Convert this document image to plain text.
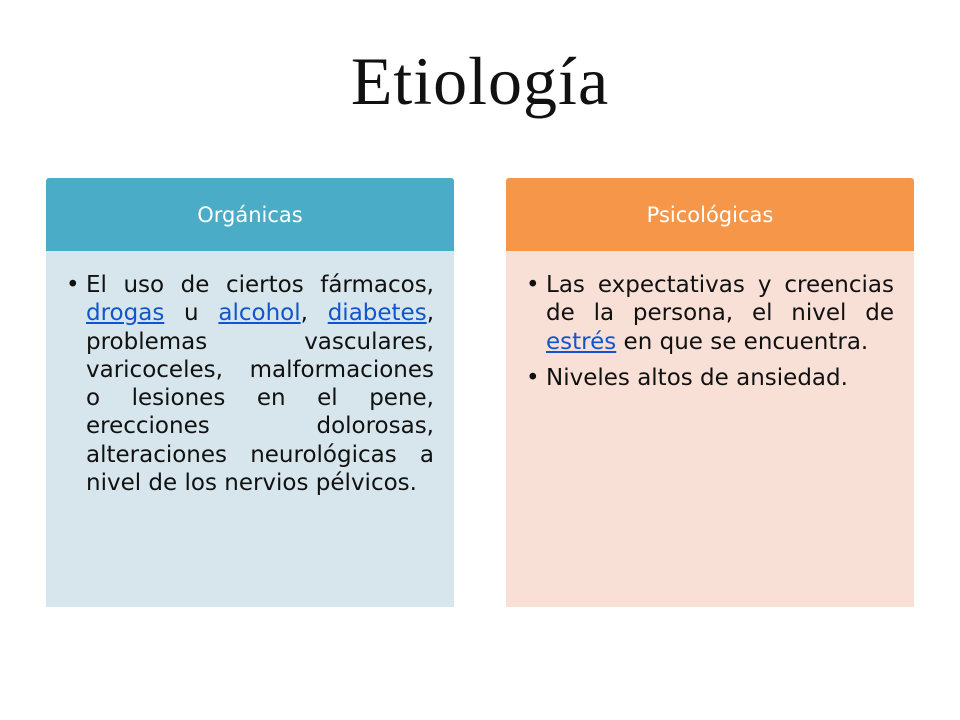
Etiología
Orgánicas
• El uso de ciertos fármacos, drogas u alcohol, diabetes, problemas vasculares, varicoceles, malformaciones o lesiones en el pene, erecciones dolorosas, alteraciones neurológicas a nivel de los nervios pélvicos.
Psicológicas
• Las expectativas y creencias de la persona, el nivel de estrés en que se encuentra.
• Niveles altos de ansiedad.
